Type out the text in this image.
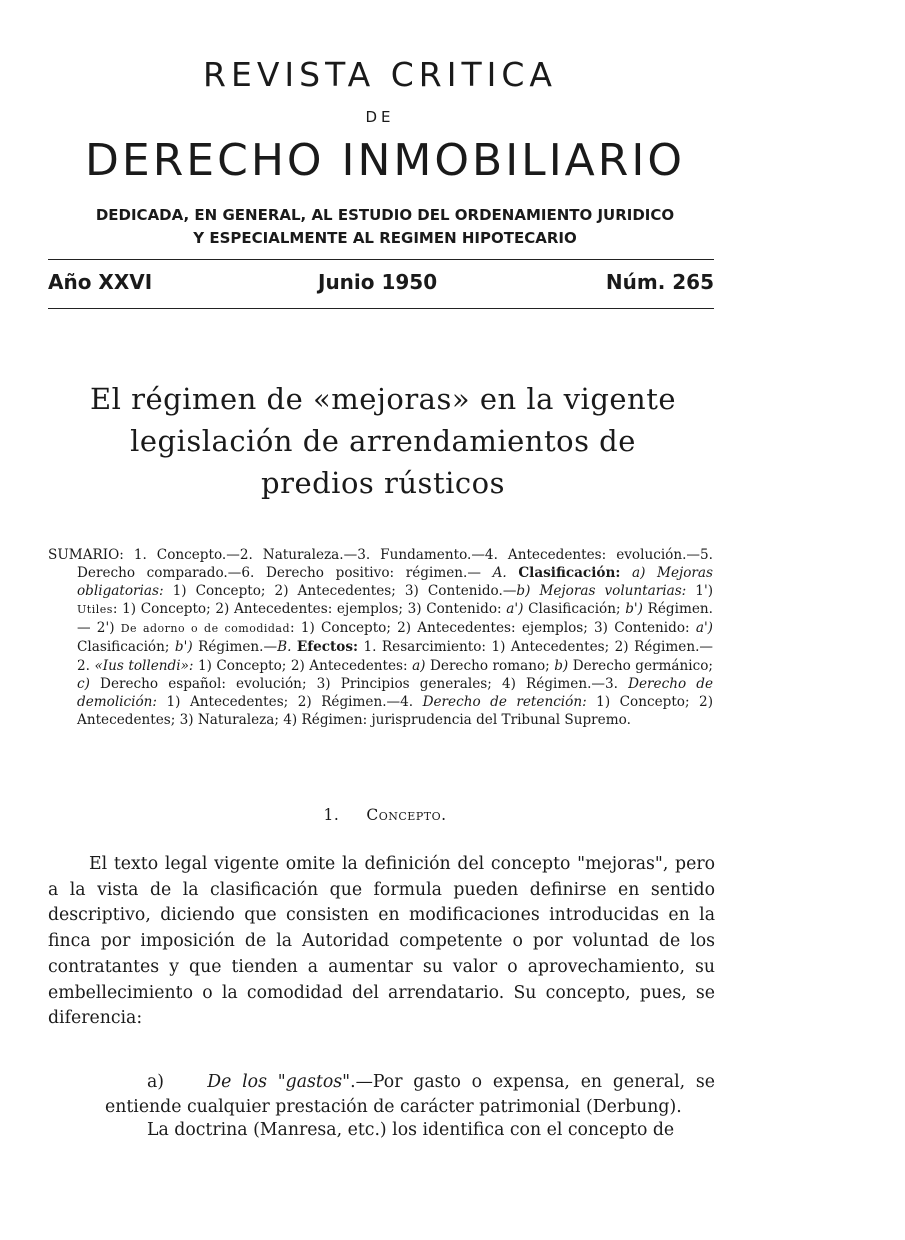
REVISTA CRITICA
DE
DERECHO INMOBILIARIO
DEDICADA, EN GENERAL, AL ESTUDIO DEL ORDENAMIENTO JURIDICO
Y ESPECIALMENTE AL REGIMEN HIPOTECARIO
Año XXVI	Junio 1950	Núm. 265
El régimen de «mejoras» en la vigente
legislación de arrendamientos de
predios rústicos
SUMARIO: 1. Concepto.—2. Naturaleza.—3. Fundamento.—4. Antecedentes: evolución.—5. Derecho comparado.—6. Derecho positivo: régimen.— A. Clasificación: a) Mejoras obligatorias: 1) Concepto; 2) Antecedentes; 3) Contenido.—b) Mejoras voluntarias: 1') Utiles: 1) Concepto; 2) Antecedentes: ejemplos; 3) Contenido: a') Clasificación; b') Régimen.— 2') De adorno o de comodidad: 1) Concepto; 2) Antecedentes: ejemplos; 3) Contenido: a') Clasificación; b') Régimen.—B. Efectos: 1. Resarcimiento: 1) Antecedentes; 2) Régimen.—2. «Ius tollendi»: 1) Concepto; 2) Antecedentes: a) Derecho romano; b) Derecho germánico; c) Derecho español: evolución; 3) Principios generales; 4) Régimen.—3. Derecho de demolición: 1) Antecedentes; 2) Régimen.—4. Derecho de retención: 1) Concepto; 2) Antecedentes; 3) Naturaleza; 4) Régimen: jurisprudencia del Tribunal Supremo.
1. Concepto.
El texto legal vigente omite la definición del concepto "mejoras", pero a la vista de la clasificación que formula pueden definirse en sentido descriptivo, diciendo que consisten en modificaciones introducidas en la finca por imposición de la Autoridad competente o por voluntad de los contratantes y que tienden a aumentar su valor o aprovechamiento, su embellecimiento o la comodidad del arrendatario. Su concepto, pues, se diferencia:
a) De los "gastos".—Por gasto o expensa, en general, se entiende cualquier prestación de carácter patrimonial (Derbung).
La doctrina (Manresa, etc.) los identifica con el concepto de
